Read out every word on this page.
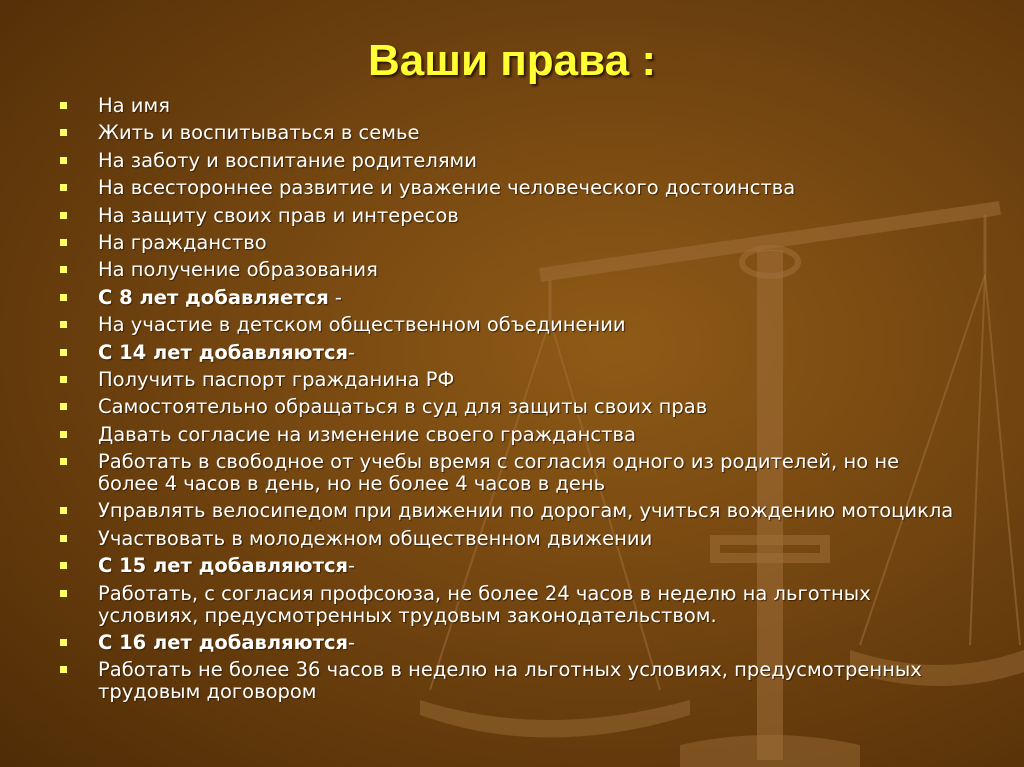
Ваши права :
На имя
Жить и воспитываться в семье
На заботу и воспитание родителями
На всестороннее развитие и уважение человеческого достоинства
На защиту своих прав и интересов
На гражданство
На получение образования
С 8 лет добавляется -
На участие в детском общественном объединении
С 14 лет добавляются-
Получить паспорт гражданина РФ
Самостоятельно обращаться в суд для защиты своих прав
Давать согласие на изменение своего гражданства
Работать в свободное от учебы время с согласия одного из родителей, но не более 4 часов в день, но не более 4 часов в день
Управлять велосипедом при движении по дорогам, учиться вождению мотоцикла
Участвовать в молодежном общественном движении
С 15 лет добавляются-
Работать, с согласия профсоюза, не более 24 часов в неделю на льготных условиях, предусмотренных трудовым законодательством.
С 16 лет добавляются-
Работать не более 36 часов в неделю на льготных условиях, предусмотренных трудовым договором
